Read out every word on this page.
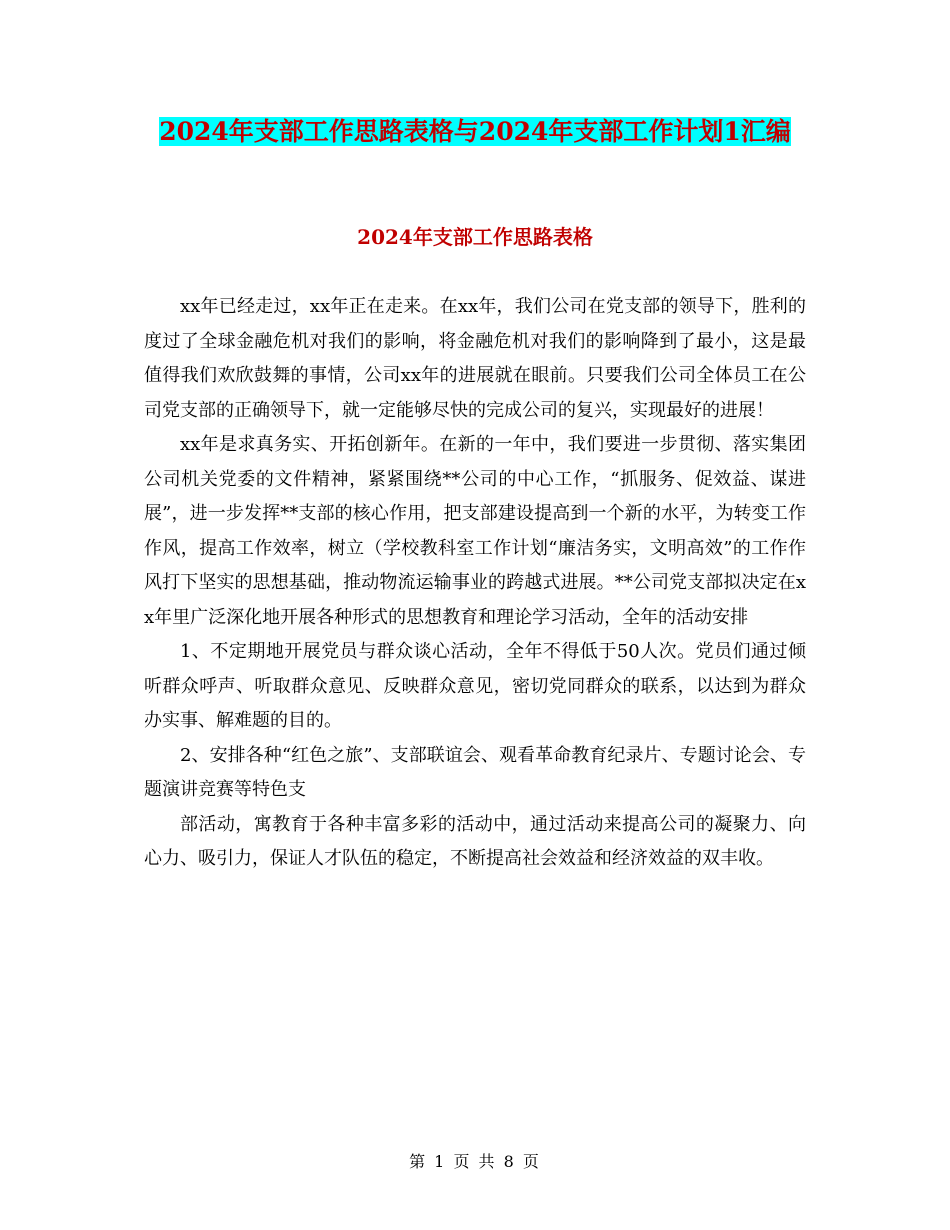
2024年支部工作思路表格与2024年支部工作计划1汇编
2024年支部工作思路表格

xx年已经走过，xx年正在走来。在xx年，我们公司在党支部的领导下，胜利的度过了全球金融危机对我们的影响，将金融危机对我们的影响降到了最小，这是最值得我们欢欣鼓舞的事情，公司xx年的进展就在眼前。只要我们公司全体员工在公司党支部的正确领导下，就一定能够尽快的完成公司的复兴，实现最好的进展！

xx年是求真务实、开拓创新年。在新的一年中，我们要进一步贯彻、落实集团公司机关党委的文件精神，紧紧围绕**公司的中心工作，“抓服务、促效益、谋进展”，进一步发挥**支部的核心作用，把支部建设提高到一个新的水平，为转变工作作风，提高工作效率，树立（学校教科室工作计划“廉洁务实，文明高效”的工作作风打下坚实的思想基础，推动物流运输事业的跨越式进展。**公司党支部拟决定在xx年里广泛深化地开展各种形式的思想教育和理论学习活动，全年的活动安排

1、不定期地开展党员与群众谈心活动，全年不得低于50人次。党员们通过倾听群众呼声、听取群众意见、反映群众意见，密切党同群众的联系，以达到为群众办实事、解难题的目的。

2、安排各种“红色之旅”、支部联谊会、观看革命教育纪录片、专题讨论会、专题演讲竞赛等特色支

部活动，寓教育于各种丰富多彩的活动中，通过活动来提高公司的凝聚力、向心力、吸引力，保证人才队伍的稳定，不断提高社会效益和经济效益的双丰收。

第 1 页 共 8 页
